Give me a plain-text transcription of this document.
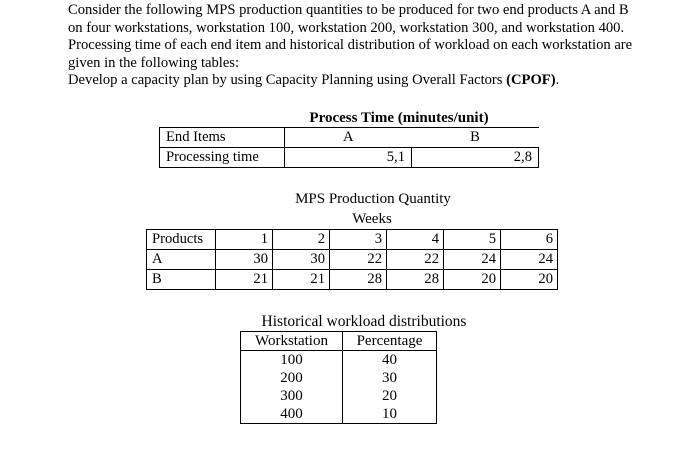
Consider the following MPS production quantities to be produced for two end products A and B

on four workstations, workstation 100, workstation 200, workstation 300, and workstation 400.

Processing time of each end item and historical distribution of workload on each workstation are

given in the following tables:

Develop a capacity plan by using Capacity Planning using Overall Factors (CPOF).

Process Time (minutes/unit)
End Items	A	B
Processing time	5,1	2,8
MPS Production Quantity
Weeks
Products	1	2	3	4	5	6
A	30	30	22	22	24	24
B	21	21	28	28	20	20
Historical workload distributions
Workstation	Percentage
100	40
200	30
300	20
400	10
